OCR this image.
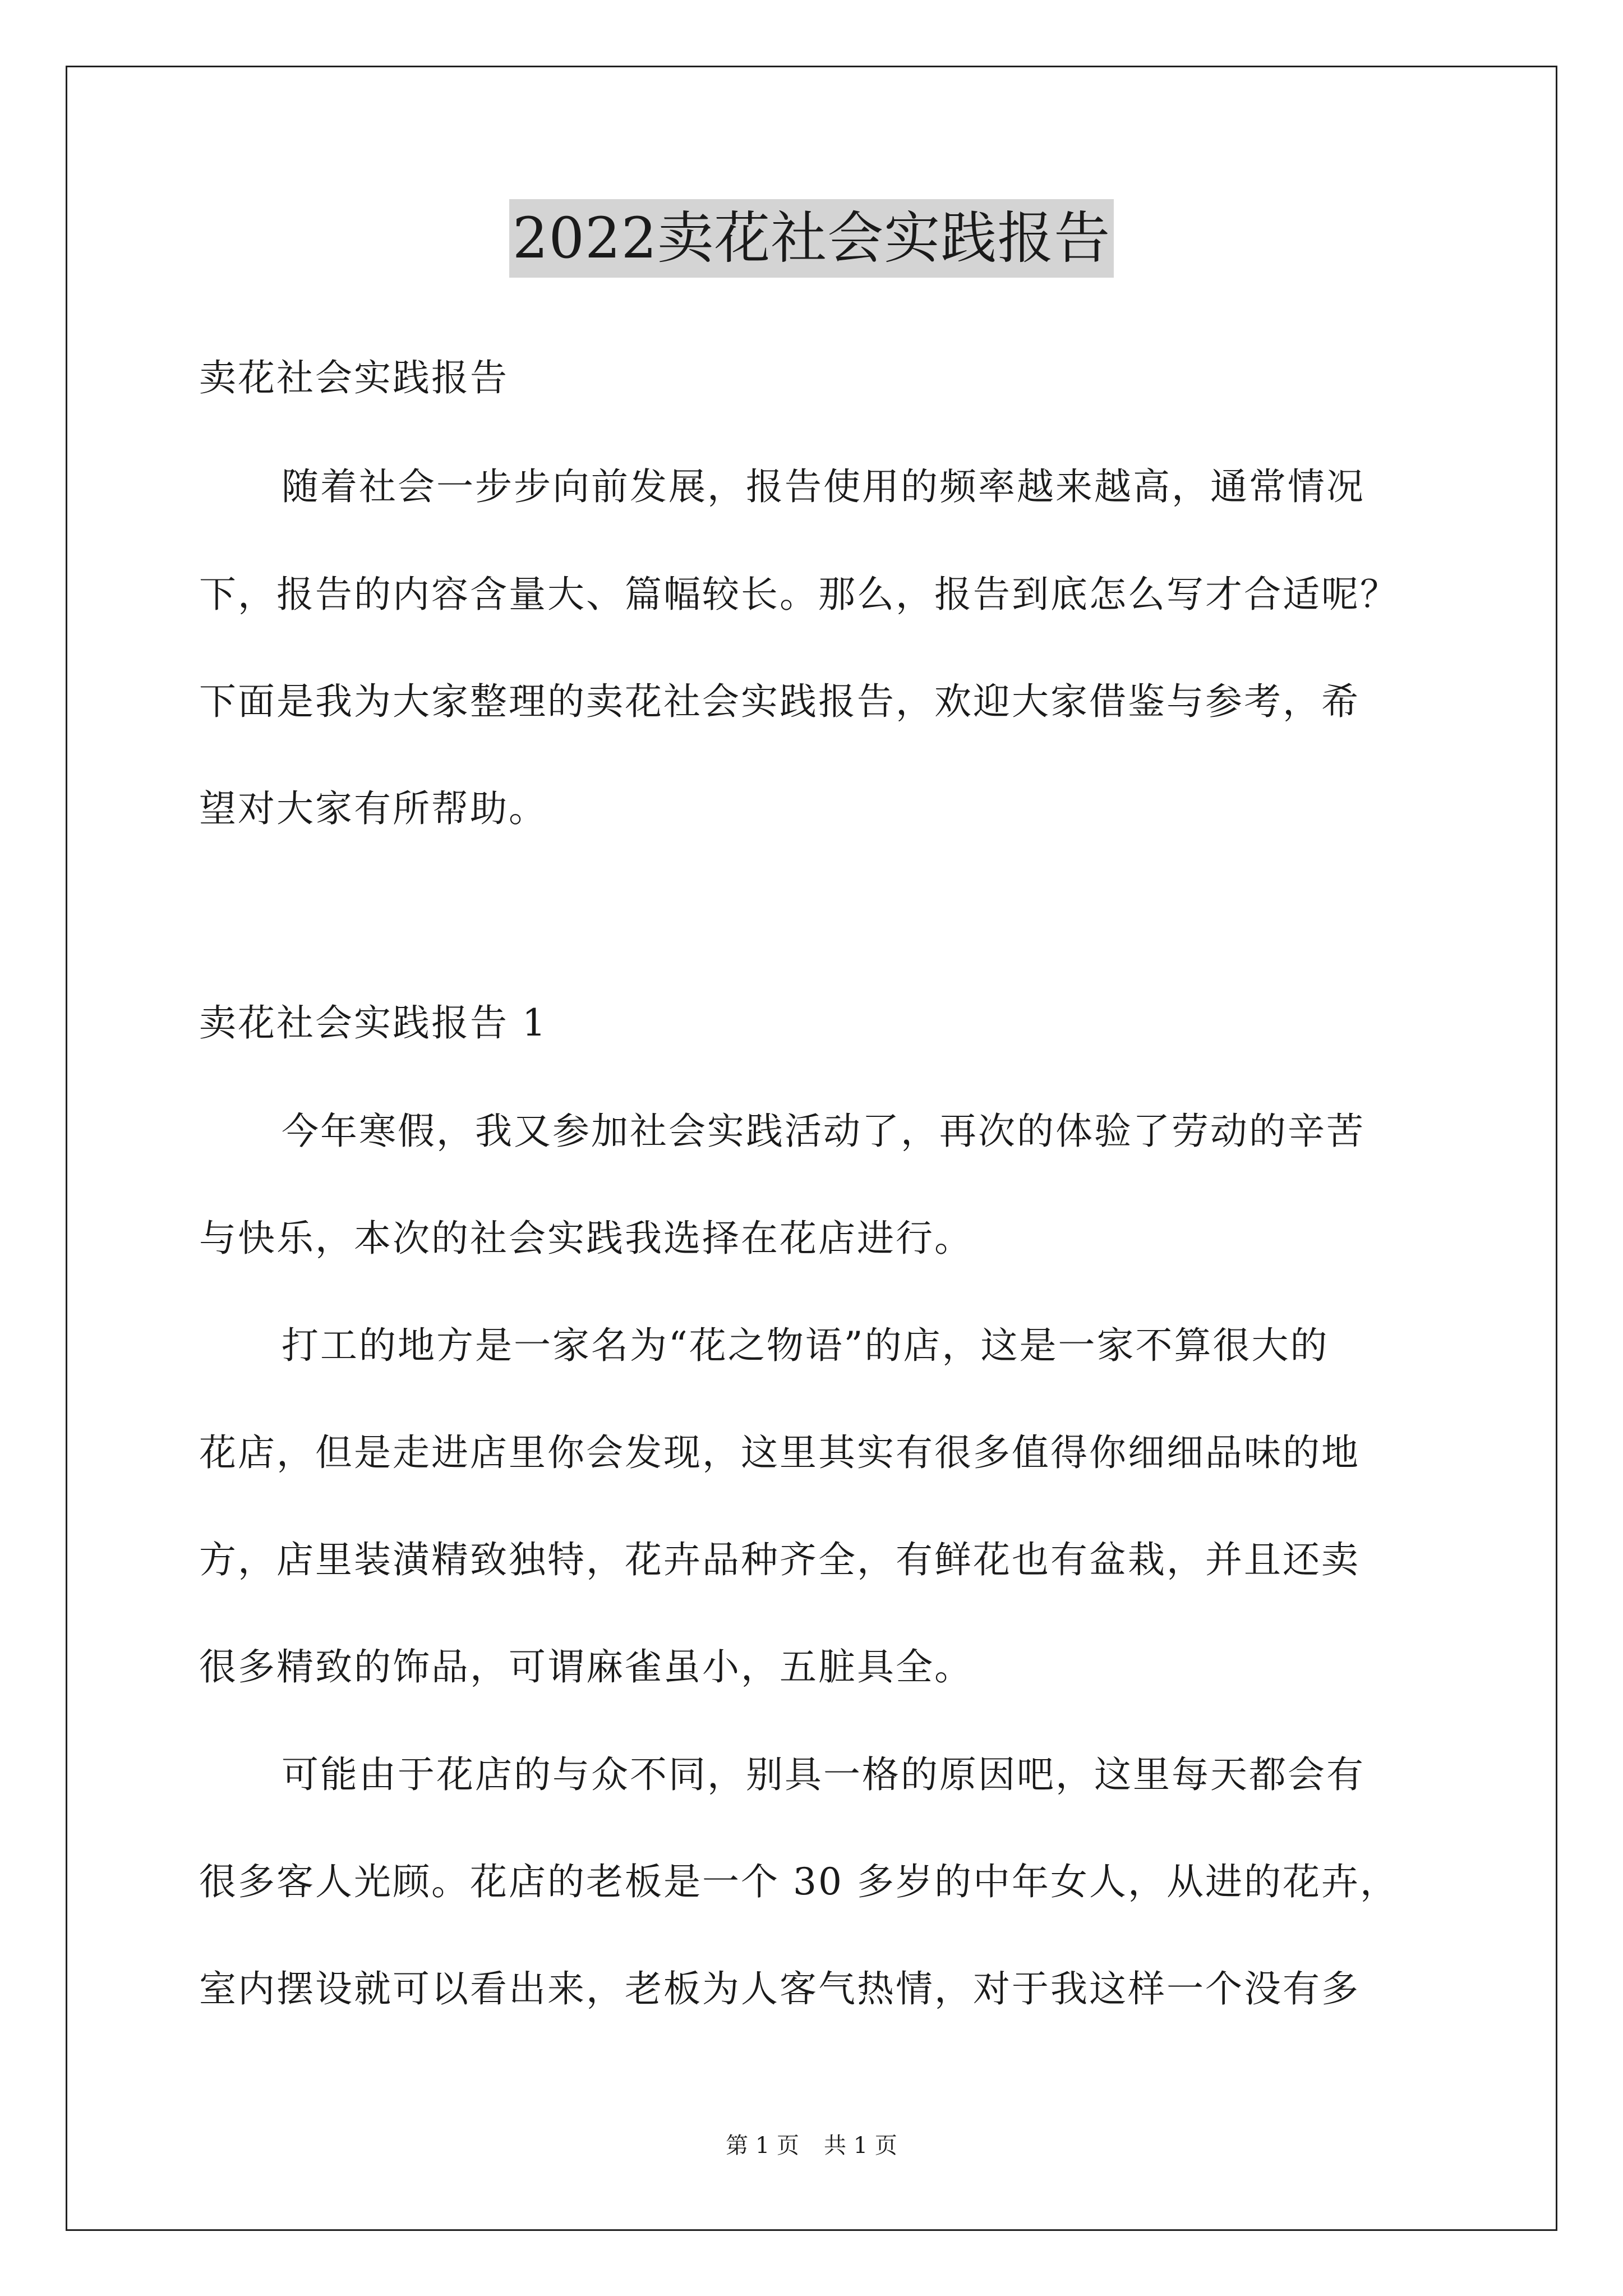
2022卖花社会实践报告
卖花社会实践报告
随着社会一步步向前发展，报告使用的频率越来越高，通常情况
下，报告的内容含量大、篇幅较长。那么，报告到底怎么写才合适呢？
下面是我为大家整理的卖花社会实践报告，欢迎大家借鉴与参考，希
望对大家有所帮助。
卖花社会实践报告 1
今年寒假，我又参加社会实践活动了，再次的体验了劳动的辛苦
与快乐，本次的社会实践我选择在花店进行。
打工的地方是一家名为“花之物语”的店，这是一家不算很大的
花店，但是走进店里你会发现，这里其实有很多值得你细细品味的地
方，店里装潢精致独特，花卉品种齐全，有鲜花也有盆栽，并且还卖
很多精致的饰品，可谓麻雀虽小，五脏具全。
可能由于花店的与众不同，别具一格的原因吧，这里每天都会有
很多客人光顾。花店的老板是一个 30 多岁的中年女人，从进的花卉，
室内摆设就可以看出来，老板为人客气热情，对于我这样一个没有多
第 1 页 共 1 页
